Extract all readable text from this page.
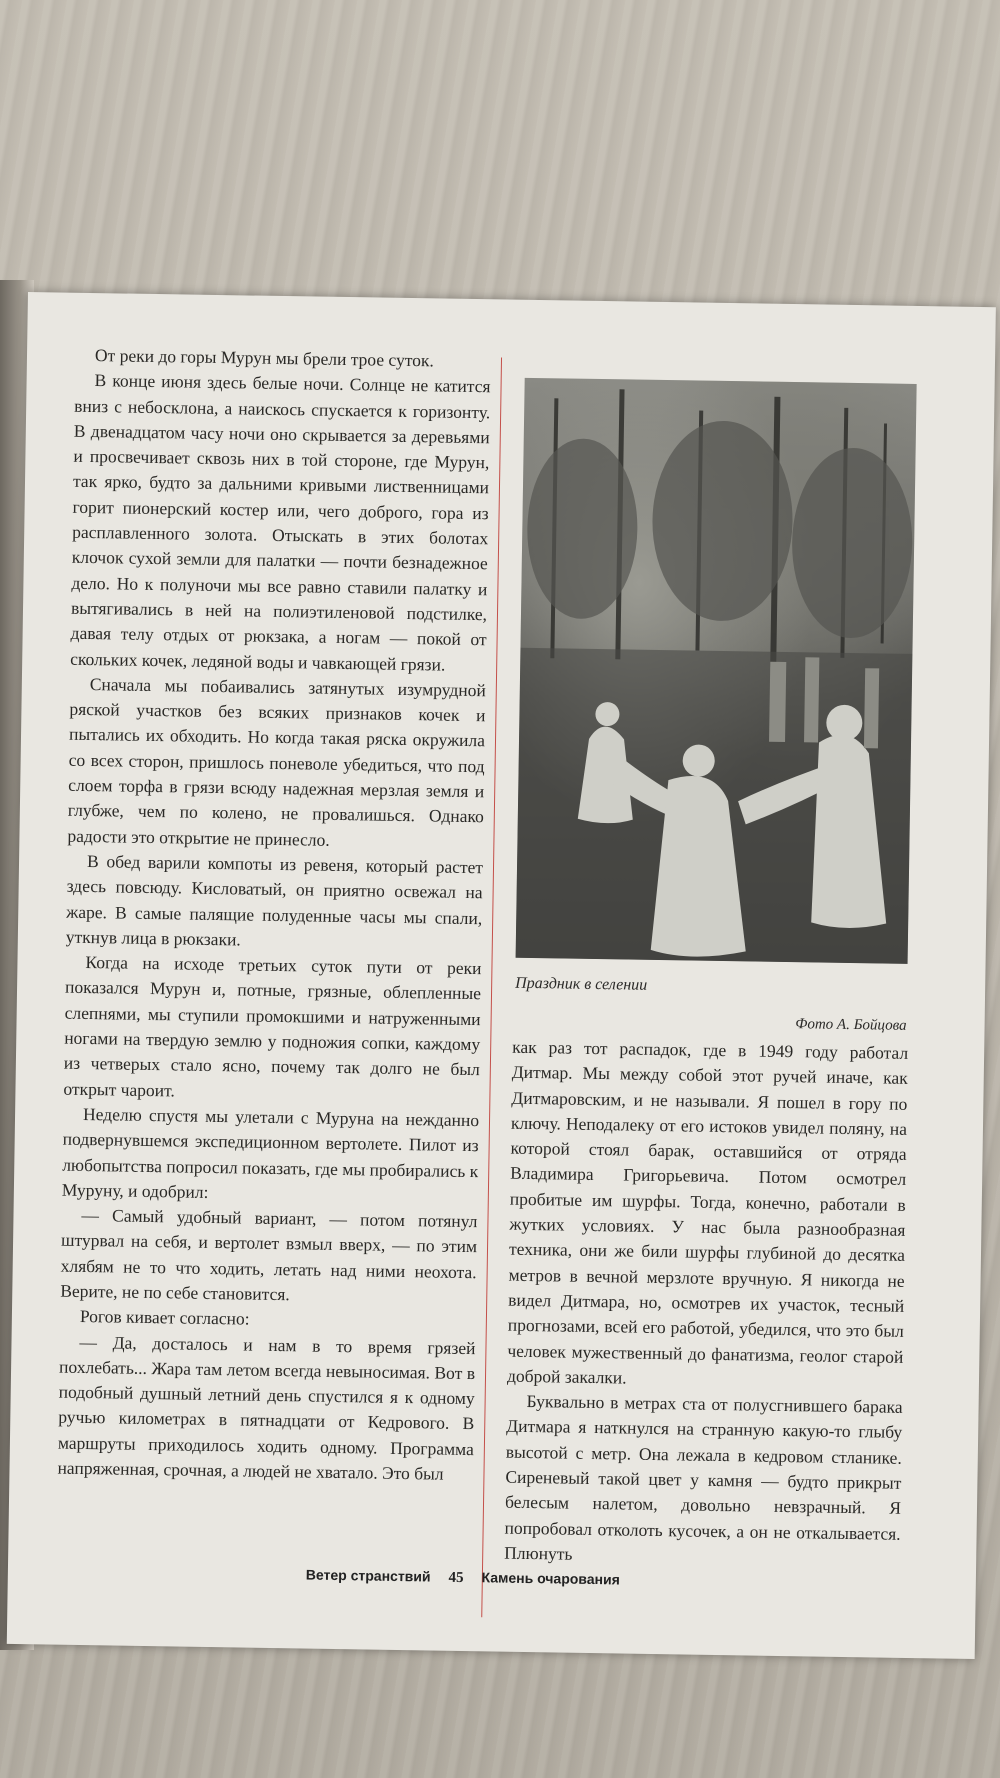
От реки до горы Мурун мы брели трое суток.

В конце июня здесь белые ночи. Солнце не катится вниз с небосклона, а наискось спускается к горизонту. В двенадцатом часу ночи оно скрывается за деревьями и просвечивает сквозь них в той стороне, где Мурун, так ярко, будто за дальними кривыми лиственницами горит пионерский костер или, чего доброго, гора из расплавленного золота. Отыскать в этих болотах клочок сухой земли для палатки — почти безнадежное дело. Но к полуночи мы все равно ставили палатку и вытягивались в ней на полиэтиленовой подстилке, давая телу отдых от рюкзака, а ногам — покой от скольких кочек, ледяной воды и чавкающей грязи.

Сначала мы побаивались затянутых изумрудной ряской участков без всяких признаков кочек и пытались их обходить. Но когда такая ряска окружила со всех сторон, пришлось поневоле убедиться, что под слоем торфа в грязи всюду надежная мерзлая земля и глубже, чем по колено, не провалишься. Однако радости это открытие не принесло.

В обед варили компоты из ревеня, который растет здесь повсюду. Кисловатый, он приятно освежал на жаре. В самые палящие полуденные часы мы спали, уткнув лица в рюкзаки.

Когда на исходе третьих суток пути от реки показался Мурун и, потные, грязные, облепленные слепнями, мы ступили промокшими и натруженными ногами на твердую землю у подножия сопки, каждому из четверых стало ясно, почему так долго не был открыт чароит.

Неделю спустя мы улетали с Муруна на нежданно подвернувшемся экспедиционном вертолете. Пилот из любопытства попросил показать, где мы пробирались к Муруну, и одобрил:

— Самый удобный вариант, — потом потянул штурвал на себя, и вертолет взмыл вверх, — по этим хлябям не то что ходить, летать над ними неохота. Верите, не по себе становится.

Рогов кивает согласно:

— Да, досталось и нам в то время грязей похлебать... Жара там летом всегда невыносимая. Вот в подобный душный летний день спустился я к одному ручью километрах в пятнадцати от Кедрового. В маршруты приходилось ходить одному. Программа напряженная, срочная, а людей не хватало. Это был

Праздник в селении
Фото А. Бойцова

как раз тот распадок, где в 1949 году работал Дитмар. Мы между собой этот ручей иначе, как Дитмаровским, и не называли. Я пошел в гору по ключу. Неподалеку от его истоков увидел поляну, на которой стоял барак, оставшийся от отряда Владимира Григорьевича. Потом осмотрел пробитые им шурфы. Тогда, конечно, работали в жутких условиях. У нас была разнообразная техника, они же били шурфы глубиной до десятка метров в вечной мерзлоте вручную. Я никогда не видел Дитмара, но, осмотрев их участок, тесный прогнозами, всей его работой, убедился, что это был человек мужественный до фанатизма, геолог старой доброй закалки.

Буквально в метрах ста от полусгнившего барака Дитмара я наткнулся на странную какую-то глыбу высотой с метр. Она лежала в кедровом стланике. Сиреневый такой цвет у камня — будто прикрыт белесым налетом, довольно невзрачный. Я попробовал отколоть кусочек, а он не откалывается. Плюнуть

Ветер странствий 45 Камень очарования
